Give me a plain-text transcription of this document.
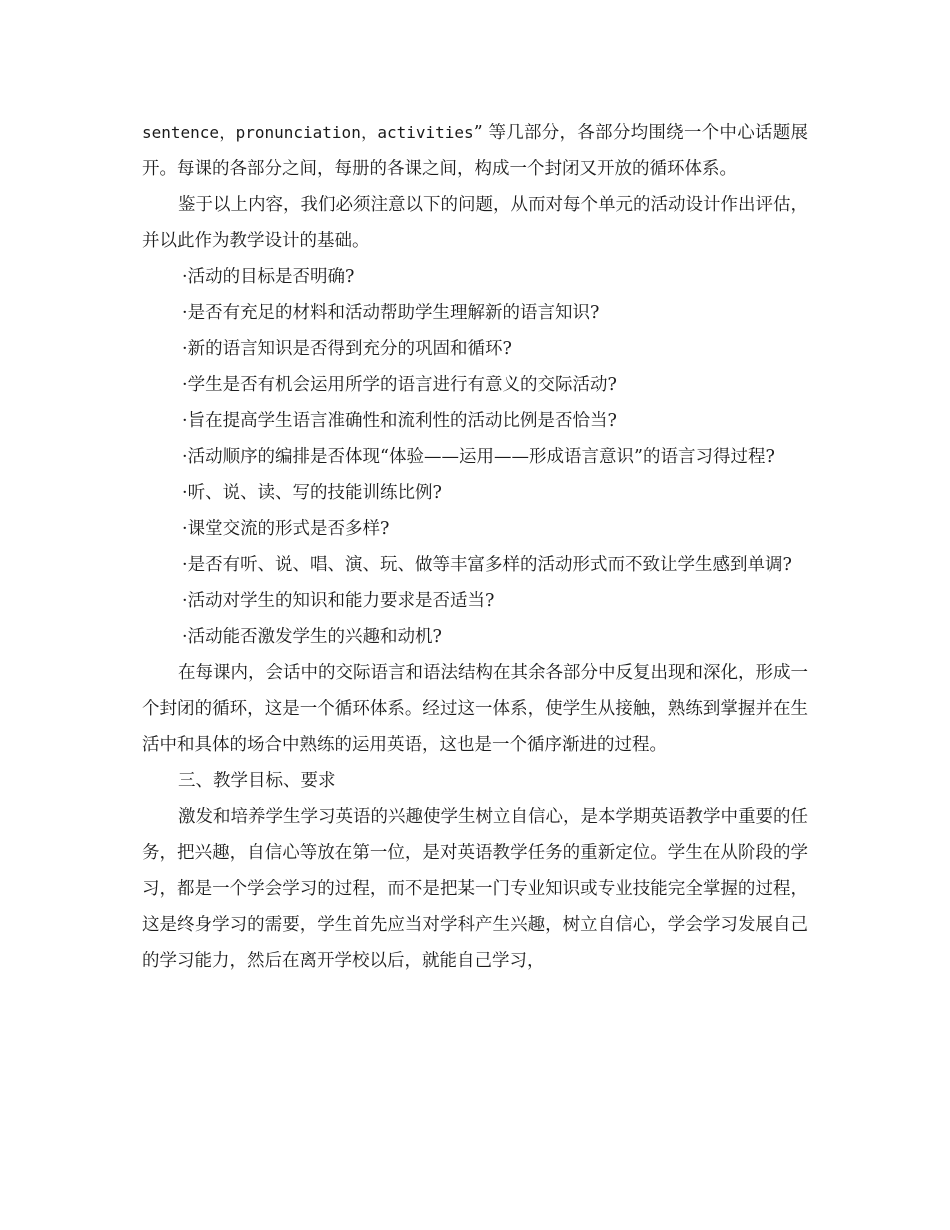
sentence，pronunciation，activities” 等几部分，各部分均围绕一个中心话题展开。每课的各部分之间，每册的各课之间，构成一个封闭又开放的循环体系。

鉴于以上内容，我们必须注意以下的问题，从而对每个单元的活动设计作出评估，并以此作为教学设计的基础。

·活动的目标是否明确?

·是否有充足的材料和活动帮助学生理解新的语言知识?

·新的语言知识是否得到充分的巩固和循环?

·学生是否有机会运用所学的语言进行有意义的交际活动?

·旨在提高学生语言准确性和流利性的活动比例是否恰当?

·活动顺序的编排是否体现“体验——运用——形成语言意识”的语言习得过程?

·听、说、读、写的技能训练比例?

·课堂交流的形式是否多样?

·是否有听、说、唱、演、玩、做等丰富多样的活动形式而不致让学生感到单调?

·活动对学生的知识和能力要求是否适当?

·活动能否激发学生的兴趣和动机?

在每课内，会话中的交际语言和语法结构在其余各部分中反复出现和深化，形成一个封闭的循环，这是一个循环体系。经过这一体系，使学生从接触，熟练到掌握并在生活中和具体的场合中熟练的运用英语，这也是一个循序渐进的过程。

三、教学目标、要求

激发和培养学生学习英语的兴趣使学生树立自信心，是本学期英语教学中重要的任务，把兴趣，自信心等放在第一位，是对英语教学任务的重新定位。学生在从阶段的学习，都是一个学会学习的过程，而不是把某一门专业知识或专业技能完全掌握的过程，这是终身学习的需要，学生首先应当对学科产生兴趣，树立自信心，学会学习发展自己的学习能力，然后在离开学校以后，就能自己学习，
